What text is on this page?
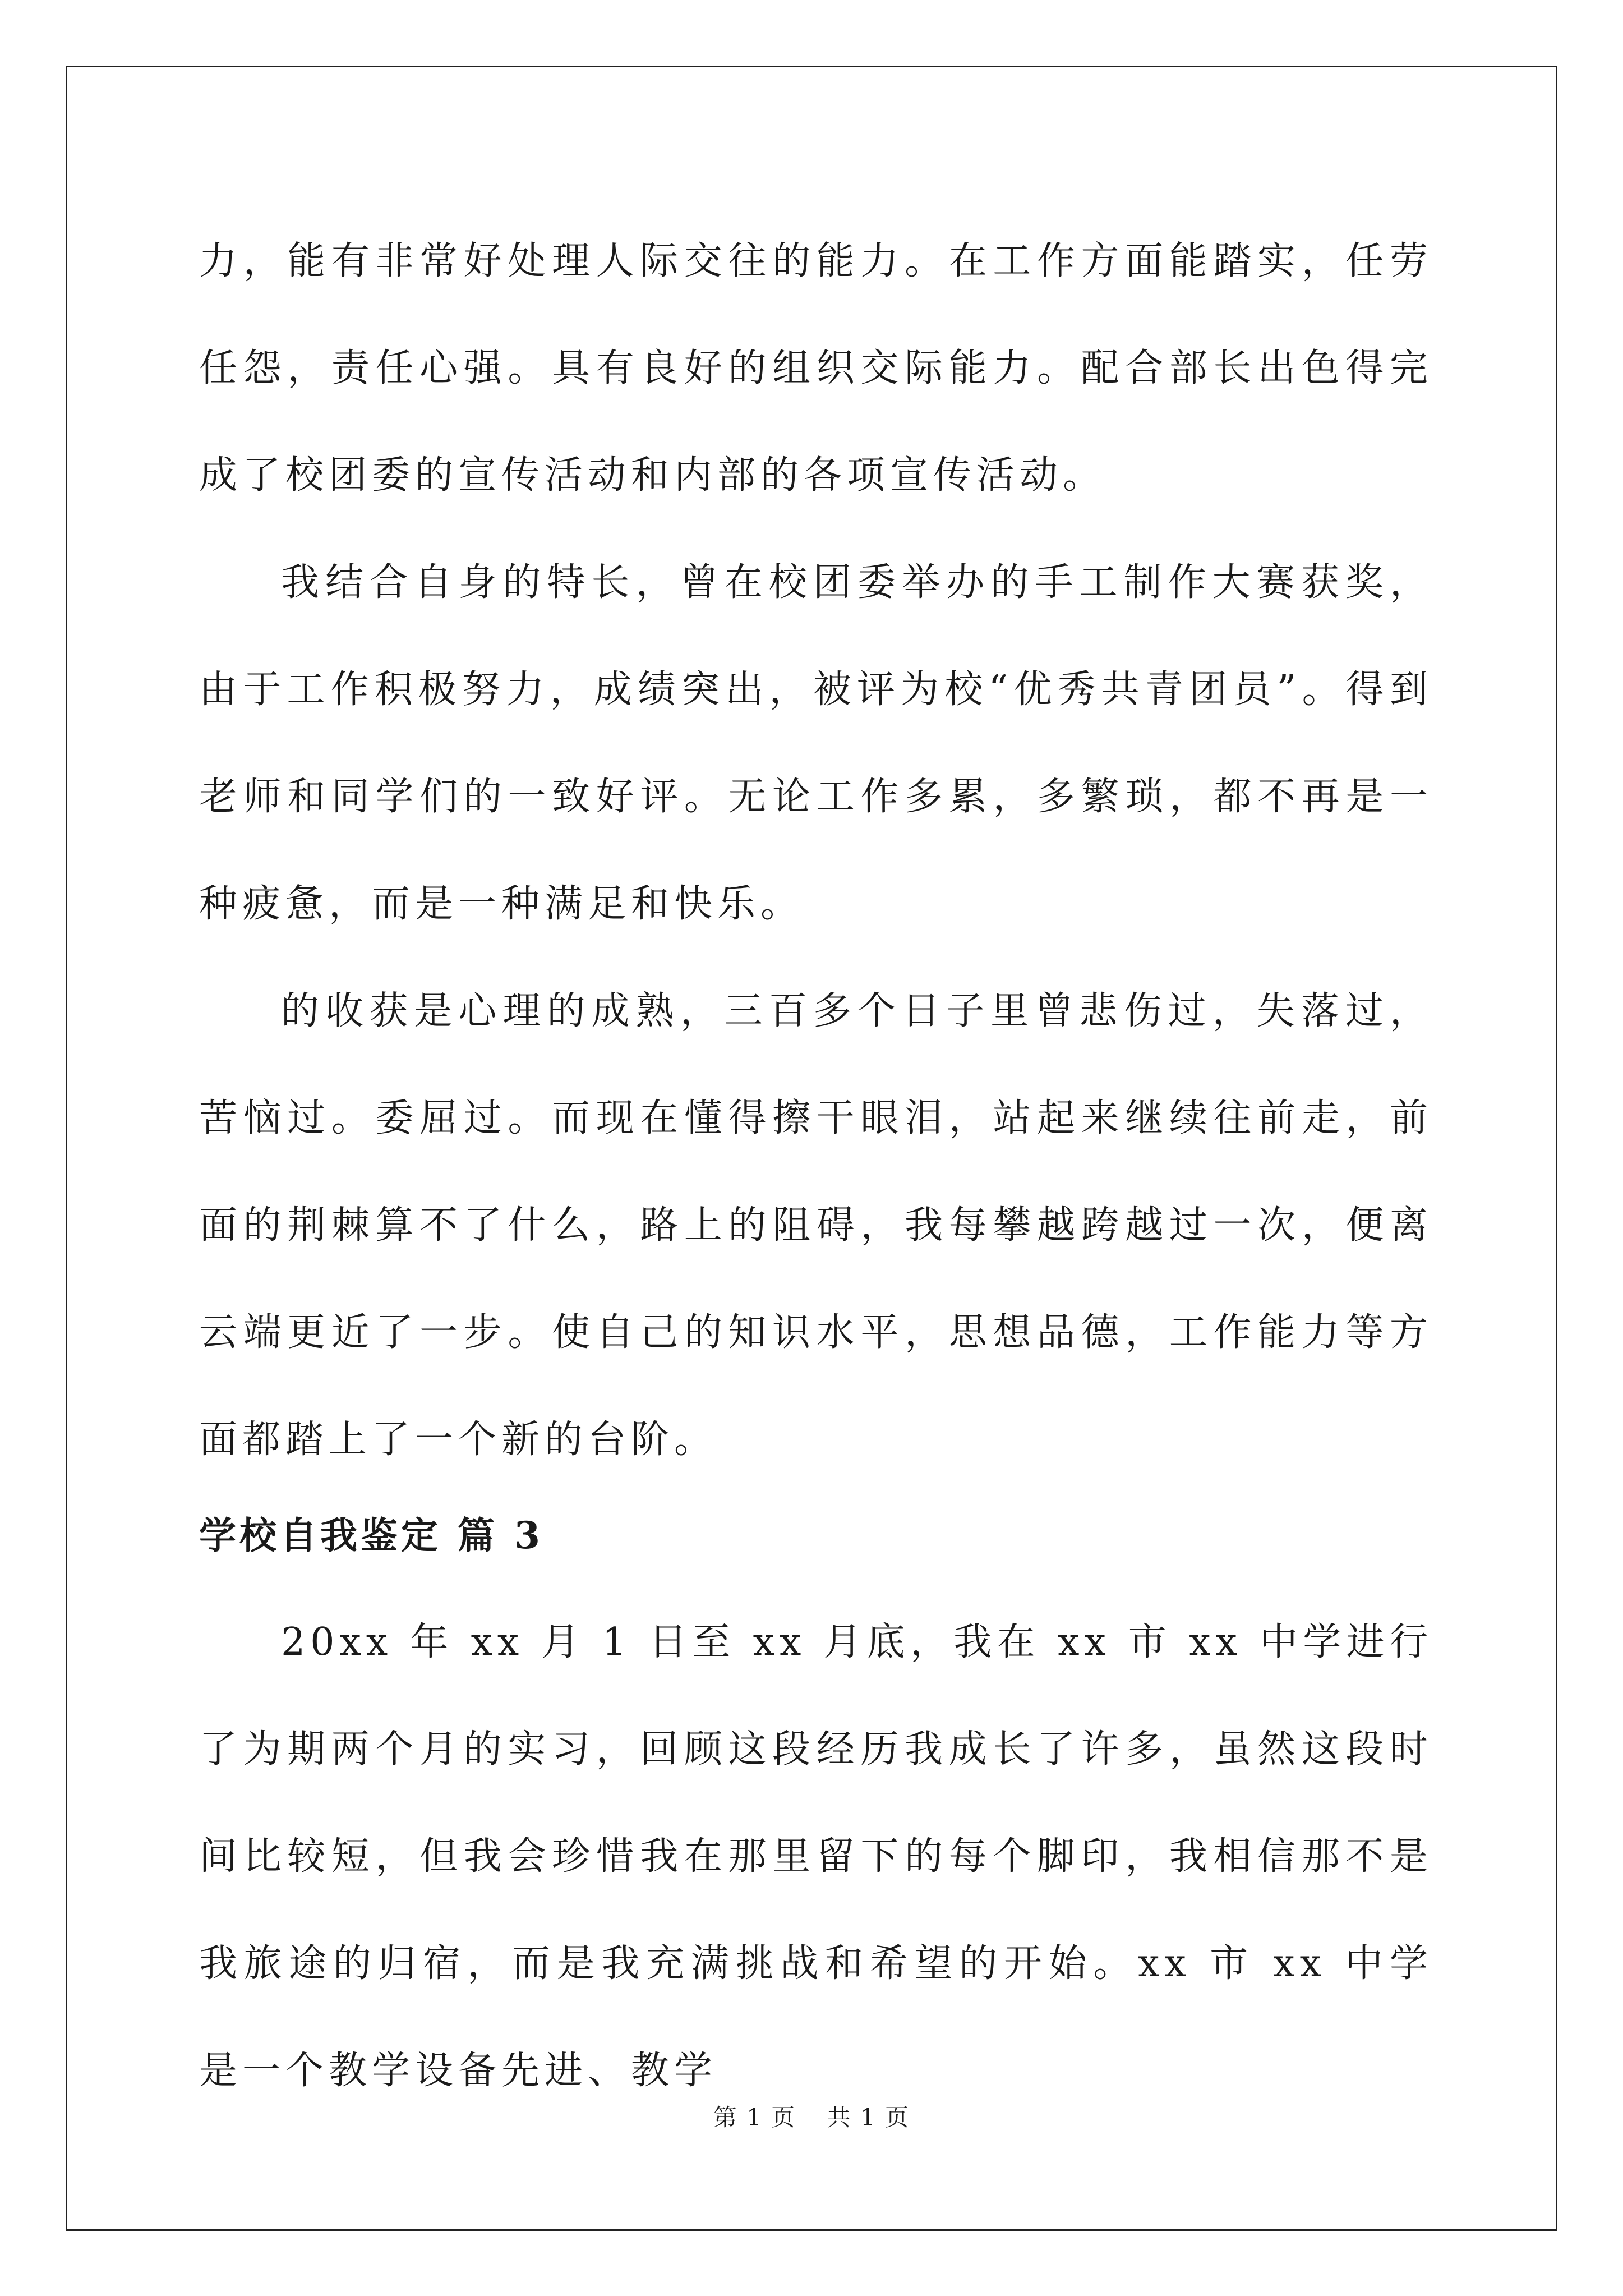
力，能有非常好处理人际交往的能力。在工作方面能踏实，任劳任怨，责任心强。具有良好的组织交际能力。配合部长出色得完成了校团委的宣传活动和内部的各项宣传活动。

我结合自身的特长，曾在校团委举办的手工制作大赛获奖，由于工作积极努力，成绩突出，被评为校“优秀共青团员”。得到老师和同学们的一致好评。无论工作多累，多繁琐，都不再是一种疲惫，而是一种满足和快乐。

的收获是心理的成熟，三百多个日子里曾悲伤过，失落过，苦恼过。委屈过。而现在懂得擦干眼泪，站起来继续往前走，前面的荆棘算不了什么，路上的阻碍，我每攀越跨越过一次，便离云端更近了一步。使自己的知识水平，思想品德，工作能力等方面都踏上了一个新的台阶。

学校自我鉴定 篇 3

20xx 年 xx 月 1 日至 xx 月底，我在 xx 市 xx 中学进行了为期两个月的实习，回顾这段经历我成长了许多，虽然这段时间比较短，但我会珍惜我在那里留下的每个脚印，我相信那不是我旅途的归宿，而是我充满挑战和希望的开始。xx 市 xx 中学是一个教学设备先进、教学

第 1 页 共 1 页
